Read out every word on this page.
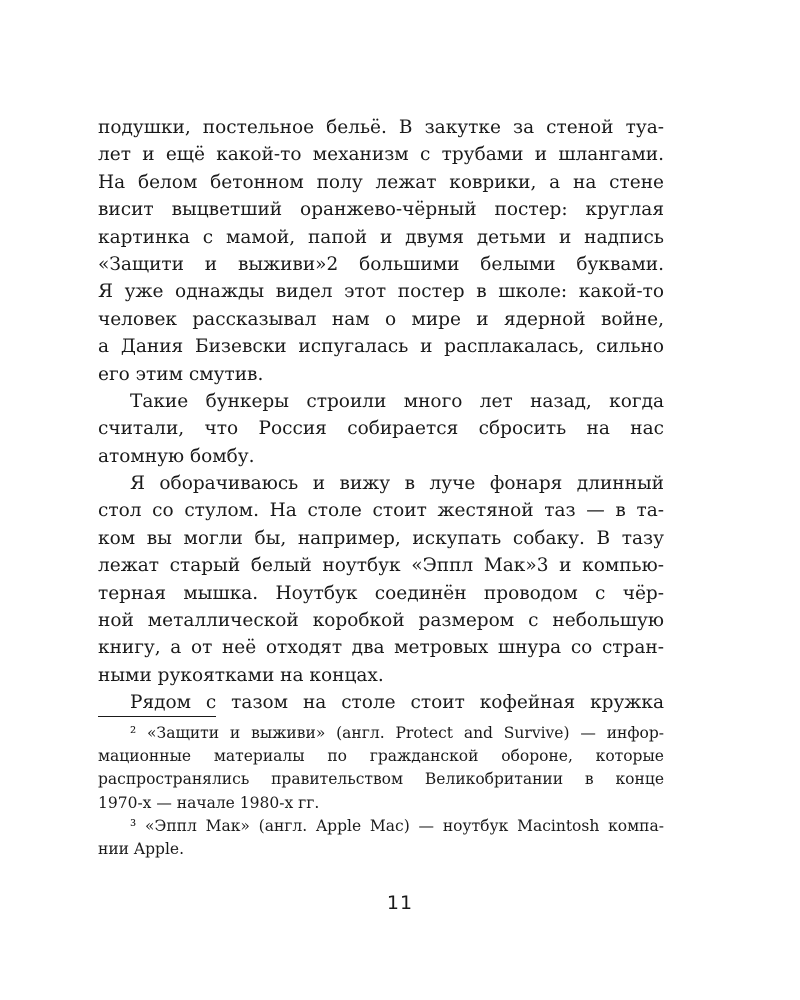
подушки, постельное бельё. В закутке за стеной туа-
лет и ещё какой-то механизм с трубами и шлангами.
На белом бетонном полу лежат коврики, а на стене
висит выцветший оранжево-чёрный постер: круглая
картинка с мамой, папой и двумя детьми и надпись
«Защити и выживи»2 большими белыми буквами.
Я уже однажды видел этот постер в школе: какой-то
человек рассказывал нам о мире и ядерной войне,
а Дания Бизевски испугалась и расплакалась, сильно
его этим смутив.
Такие бункеры строили много лет назад, когда
считали, что Россия собирается сбросить на нас
атомную бомбу.
Я оборачиваюсь и вижу в луче фонаря длинный
стол со стулом. На столе стоит жестяной таз — в та-
ком вы могли бы, например, искупать собаку. В тазу
лежат старый белый ноутбук «Эппл Мак»3 и компью-
терная мышка. Ноутбук соединён проводом с чёр-
ной металлической коробкой размером с небольшую
книгу, а от неё отходят два метровых шнура со стран-
ными рукоятками на концах.
Рядом с тазом на столе стоит кофейная кружка
² «Защити и выживи» (англ. Protect and Survive) — инфор-
мационные материалы по гражданской обороне, которые
распространялись правительством Великобритании в конце
1970-х — начале 1980-х гг.
³ «Эппл Мак» (англ. Apple Mac) — ноутбук Macintosh компа-
нии Apple.
11
